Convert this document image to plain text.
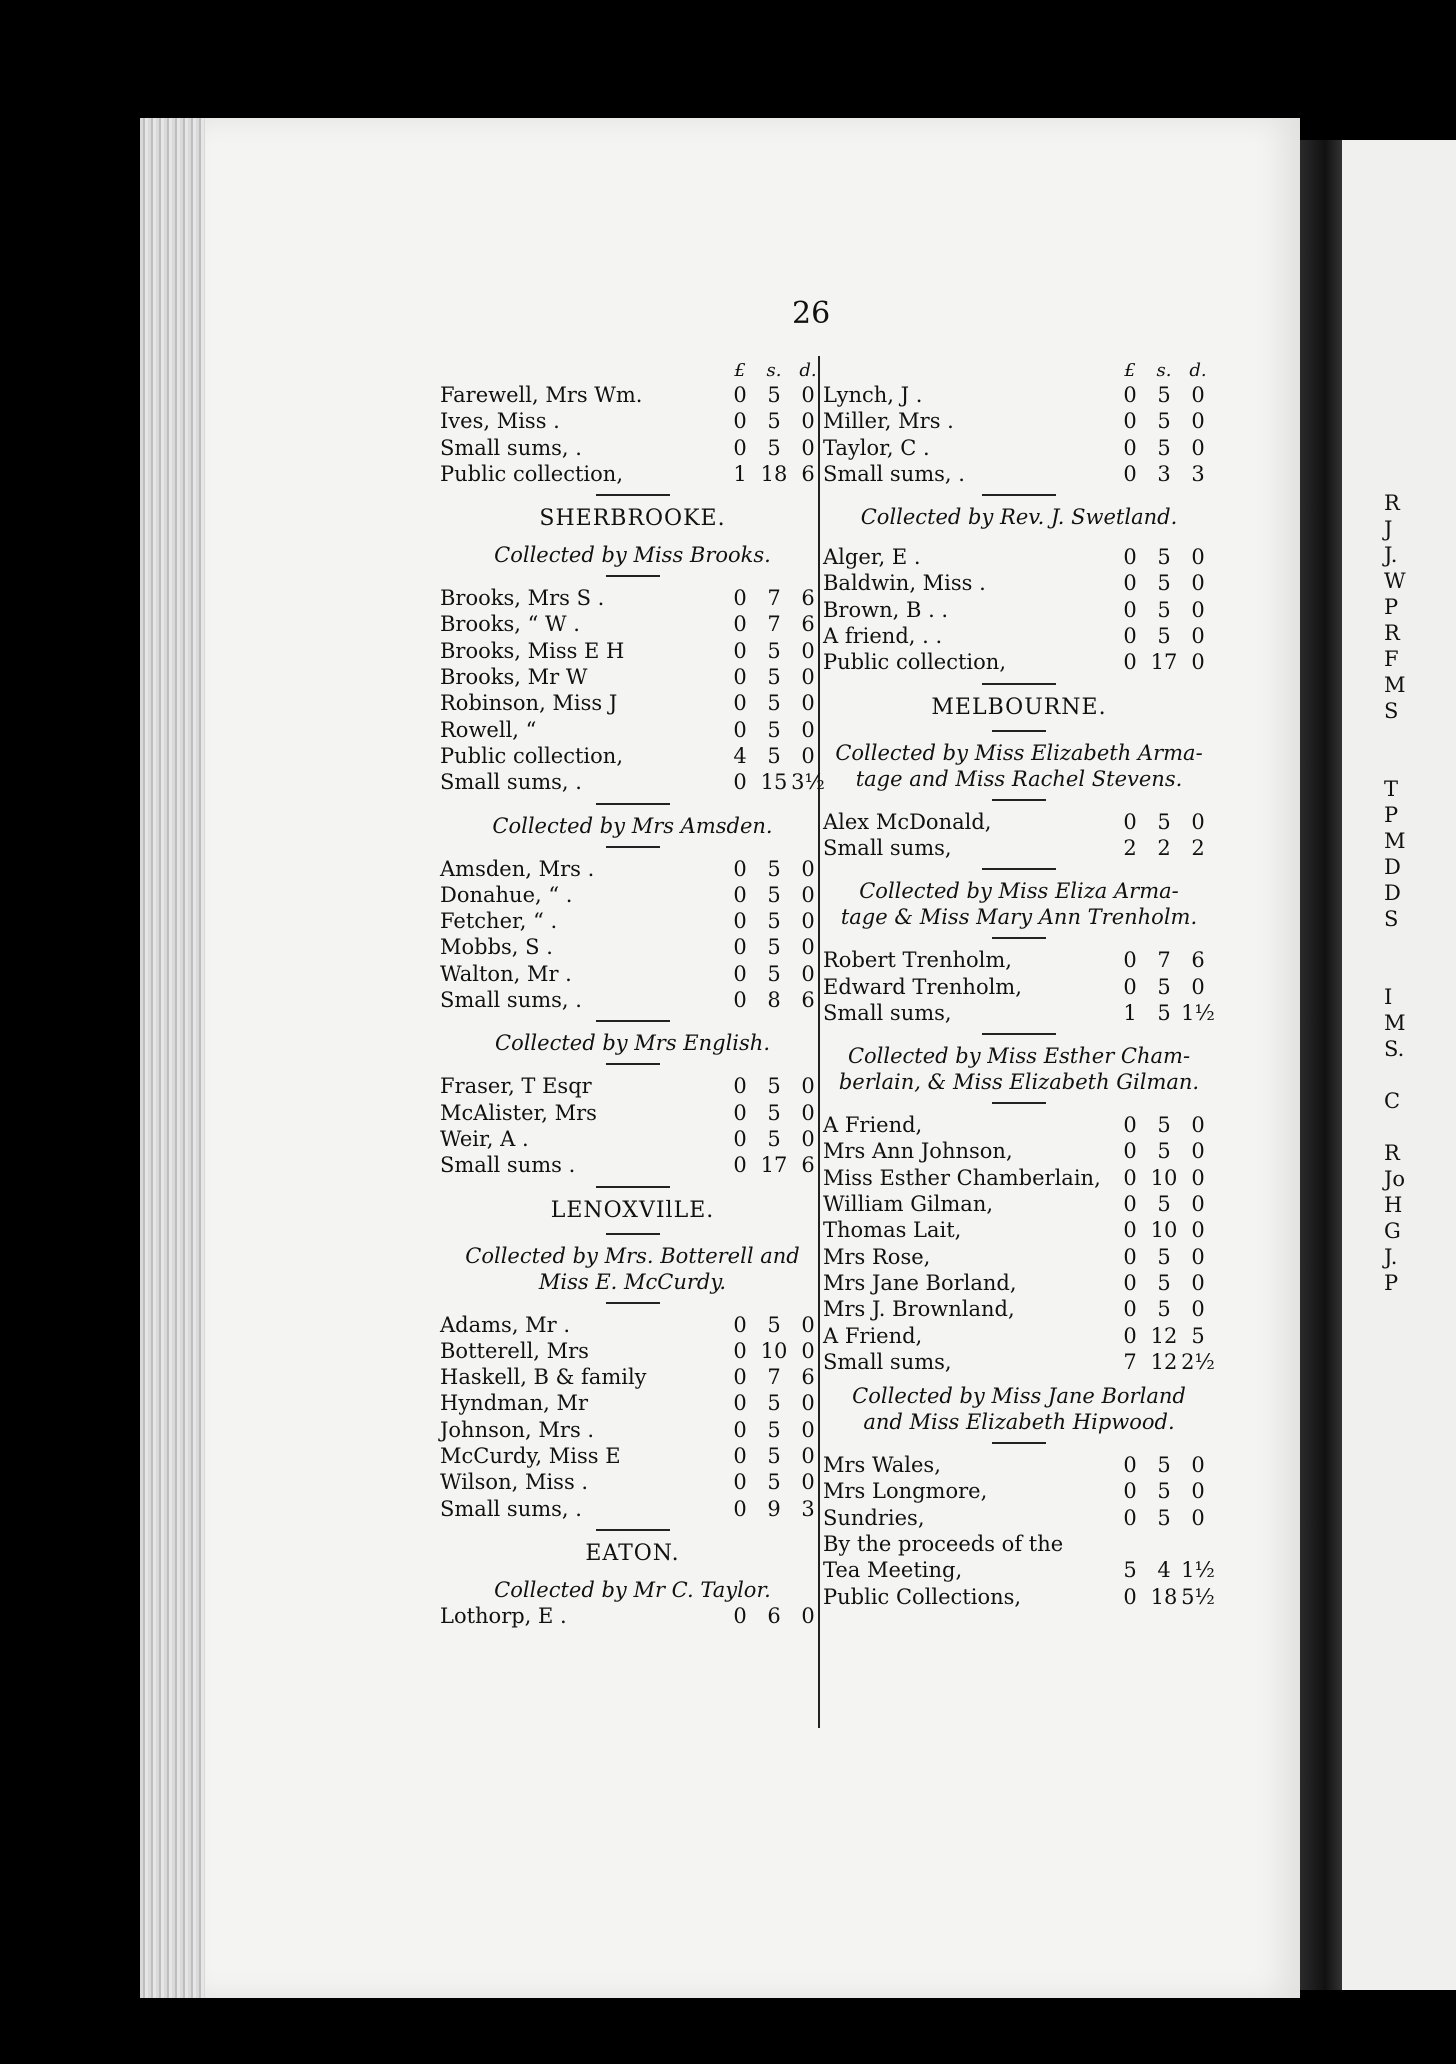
R
J
J.
W
P
R
F
M
S
T
P
M
D
D
S
I
M
S.
C
R
Jo
H
G
J.
P
26
£	s. d.
Farewell, Mrs Wm.	0 5 0
Ives, Miss .	0 5 0
Small sums, .	0 5 0
Public collection,	1 18 6
SHERBROOKE.
Collected by Miss Brooks.
Brooks, Mrs S .	0 7 6
Brooks, “ W .	0 7 6
Brooks, Miss E H	0 5 0
Brooks, Mr W	0 5 0
Robinson, Miss J	0 5 0
Rowell, “	0 5 0
Public collection,	4 5 0
Small sums, .	0 15 3½
Collected by Mrs Amsden.
Amsden, Mrs .	0 5 0
Donahue, “ .	0 5 0
Fetcher, “ .	0 5 0
Mobbs, S .	0 5 0
Walton, Mr .	0 5 0
Small sums, .	0 8 6
Collected by Mrs English.
Fraser, T Esqr	0 5 0
McAlister, Mrs	0 5 0
Weir, A .	0 5 0
Small sums .	0 17 6
LENOXVIlLE.
Collected by Mrs. Botterell and
Miss E. McCurdy.
Adams, Mr .	0 5 0
Botterell, Mrs	0 10 0
Haskell, B & family	0 7 6
Hyndman, Mr	0 5 0
Johnson, Mrs .	0 5 0
McCurdy, Miss E	0 5 0
Wilson, Miss .	0 5 0
Small sums, .	0 9 3
EATON.
Collected by Mr C. Taylor.
Lothorp, E .	0 6 0
£	s. d.
Lynch, J .	0 5 0
Miller, Mrs .	0 5 0
Taylor, C .	0 5 0
Small sums, .	0 3 3
Collected by Rev. J. Swetland.
Alger, E .	0 5 0
Baldwin, Miss .	0 5 0
Brown, B . .	0 5 0
A friend, . .	0 5 0
Public collection,	0 17 0
MELBOURNE.
Collected by Miss Elizabeth Arma-
tage and Miss Rachel Stevens.
Alex McDonald,	0 5 0
Small sums,	2 2 2
Collected by Miss Eliza Arma-
tage & Miss Mary Ann Trenholm.
Robert Trenholm,	0 7 6
Edward Trenholm,	0 5 0
Small sums,	1 5 1½
Collected by Miss Esther Cham-
berlain, & Miss Elizabeth Gilman.
A Friend,	0 5 0
Mrs Ann Johnson,	0 5 0
Miss Esther Chamberlain,	0 10 0
William Gilman,	0 5 0
Thomas Lait,	0 10 0
Mrs Rose,	0 5 0
Mrs Jane Borland,	0 5 0
Mrs J. Brownland,	0 5 0
A Friend,	0 12 5
Small sums,	7 12 2½
Collected by Miss Jane Borland
and Miss Elizabeth Hipwood.
Mrs Wales,	0 5 0
Mrs Longmore,	0 5 0
Sundries,	0 5 0
By the proceeds of the
Tea Meeting,	5 4 1½
Public Collections,	0 18 5½
